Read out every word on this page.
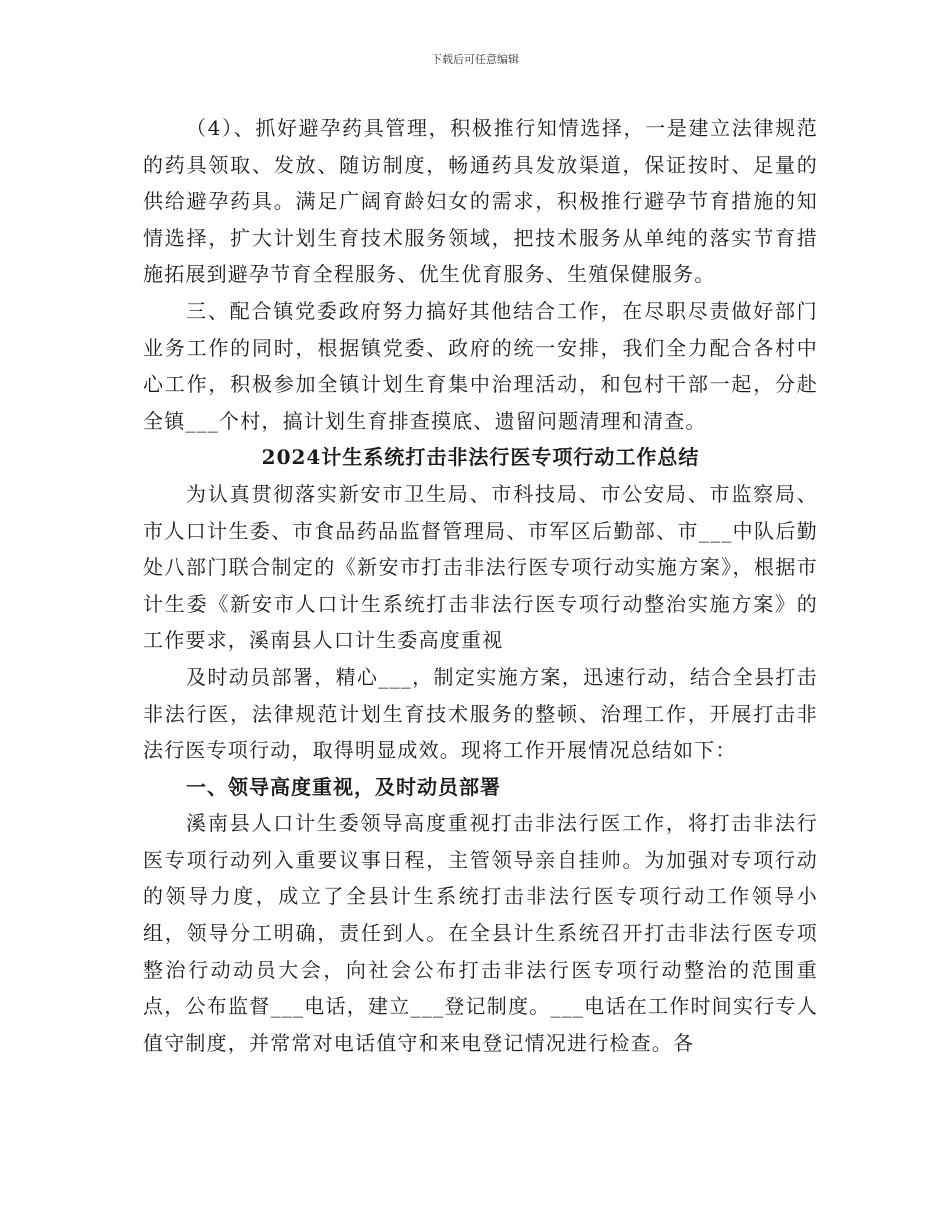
下载后可任意编辑

（4）、抓好避孕药具管理，积极推行知情选择，一是建立法律规范的药具领取、发放、随访制度，畅通药具发放渠道，保证按时、足量的供给避孕药具。满足广阔育龄妇女的需求，积极推行避孕节育措施的知情选择，扩大计划生育技术服务领域，把技术服务从单纯的落实节育措施拓展到避孕节育全程服务、优生优育服务、生殖保健服务。

三、配合镇党委政府努力搞好其他结合工作，在尽职尽责做好部门业务工作的同时，根据镇党委、政府的统一安排，我们全力配合各村中心工作，积极参加全镇计划生育集中治理活动，和包村干部一起，分赴全镇___个村，搞计划生育排查摸底、遗留问题清理和清查。

2024计生系统打击非法行医专项行动工作总结

为认真贯彻落实新安市卫生局、市科技局、市公安局、市监察局、市人口计生委、市食品药品监督管理局、市军区后勤部、市___中队后勤处八部门联合制定的《新安市打击非法行医专项行动实施方案》，根据市计生委《新安市人口计生系统打击非法行医专项行动整治实施方案》的工作要求，溪南县人口计生委高度重视

及时动员部署，精心___，制定实施方案，迅速行动，结合全县打击非法行医，法律规范计划生育技术服务的整顿、治理工作，开展打击非法行医专项行动，取得明显成效。现将工作开展情况总结如下：

一、领导高度重视，及时动员部署

溪南县人口计生委领导高度重视打击非法行医工作，将打击非法行医专项行动列入重要议事日程，主管领导亲自挂帅。为加强对专项行动的领导力度，成立了全县计生系统打击非法行医专项行动工作领导小组，领导分工明确，责任到人。在全县计生系统召开打击非法行医专项整治行动动员大会，向社会公布打击非法行医专项行动整治的范围重点，公布监督___电话，建立___登记制度。___电话在工作时间实行专人值守制度，并常常对电话值守和来电登记情况进行检查。各
